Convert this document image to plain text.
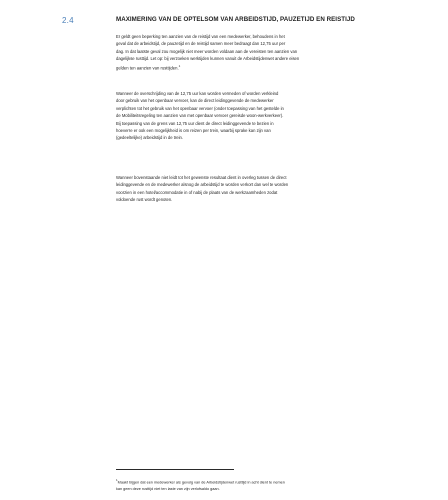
2.4	MAXIMERING VAN DE OPTELSOM VAN ARBEIDSTIJD, PAUZETIJD EN REISTIJD
Er geldt geen beperking ten aanzien van de reistijd van een medewerker, behoudens in het
geval dat de arbeidstijd, de pauzetijd en de reistijd samen meer bedraagt dan 12,75 uur per
dag. In dat laatste geval zou mogelijk niet meer worden voldaan aan de vereisten ten aanzien van
dagelijkse rusttijd. Let op: bij verzoeken werktijden kunnen vanuit de Arbeidstijdenwet andere eisen
gelden ten aanzien van rusttijden.$^1$
Wanneer de overschrijding van de 12,75 uur kan worden vermeden of worden verkleind
door gebruik van het openbaar vervoer, kan de direct leidinggevende de medewerker
verplichten tot het gebruik van het openbaar vervoer (onder toepassing van het gestelde in
de Mobiliteitsregeling ten aanzien van met openbaar vervoer gereisde woon-werkverkeer).
Bij toepassing van de grens van 12,75 uur dient de direct leidinggevende te bezien in
hoeverre er ook een mogelijkheid is om reizen per trein, waarbij sprake kan zijn van
(gedeeltelijke) arbeidstijd in de trein.
Wanneer bovenstaande niet leidt tot het gewenste resultaat dient in overleg tussen de direct
leidinggevende en de medewerker alsnog de arbeidstijd te worden verkort dan wel te worden
voorzien in een hotel/accommodatie in of nabij de plaats van de werkzaamheden zodat
voldoende rust wordt genoten.
$^1$Maakt bijgen dat een medewerker als gevolg van de Arbeidstijdenwet rusttijd in acht dient te nemen
kan geen deze rusttijd niet ten laste van zijn verlofsaldo gaan.
